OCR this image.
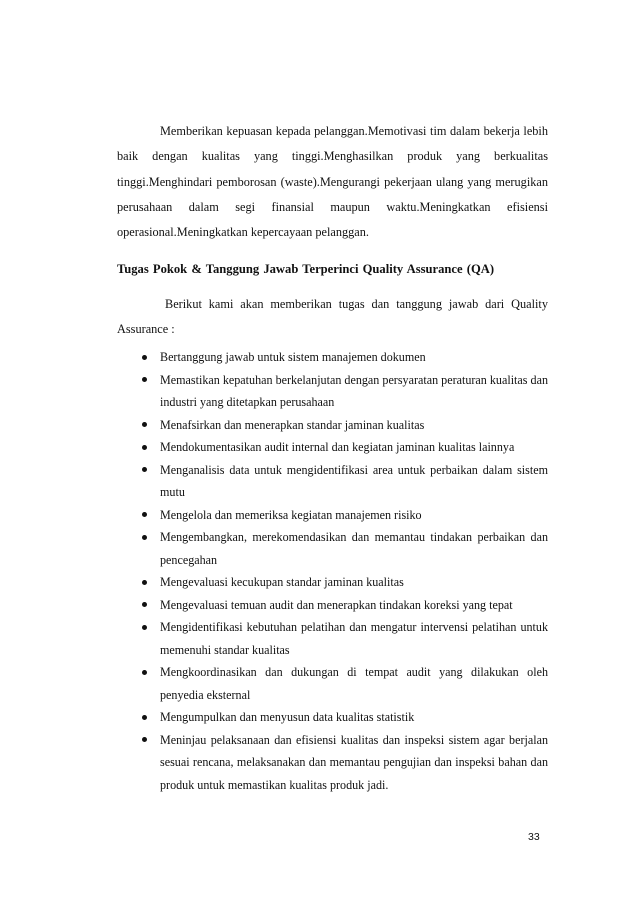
Memberikan kepuasan kepada pelanggan.Memotivasi tim dalam bekerja lebih baik dengan kualitas yang tinggi.Menghasilkan produk yang berkualitas tinggi.Menghindari pemborosan (waste).Mengurangi pekerjaan ulang yang merugikan perusahaan dalam segi finansial maupun waktu.Meningkatkan efisiensi operasional.Meningkatkan kepercayaan pelanggan.

Tugas Pokok & Tanggung Jawab Terperinci Quality Assurance (QA)

Berikut kami akan memberikan tugas dan tanggung jawab dari Quality Assurance :

Bertanggung jawab untuk sistem manajemen dokumen
Memastikan kepatuhan berkelanjutan dengan persyaratan peraturan kualitas dan industri yang ditetapkan perusahaan
Menafsirkan dan menerapkan standar jaminan kualitas
Mendokumentasikan audit internal dan kegiatan jaminan kualitas lainnya
Menganalisis data untuk mengidentifikasi area untuk perbaikan dalam sistem mutu
Mengelola dan memeriksa kegiatan manajemen risiko
Mengembangkan, merekomendasikan dan memantau tindakan perbaikan dan pencegahan
Mengevaluasi kecukupan standar jaminan kualitas
Mengevaluasi temuan audit dan menerapkan tindakan koreksi yang tepat
Mengidentifikasi kebutuhan pelatihan dan mengatur intervensi pelatihan untuk memenuhi standar kualitas
Mengkoordinasikan dan dukungan di tempat audit yang dilakukan oleh penyedia eksternal
Mengumpulkan dan menyusun data kualitas statistik
Meninjau pelaksanaan dan efisiensi kualitas dan inspeksi sistem agar berjalan sesuai rencana, melaksanakan dan memantau pengujian dan inspeksi bahan dan produk untuk memastikan kualitas produk jadi.

33
